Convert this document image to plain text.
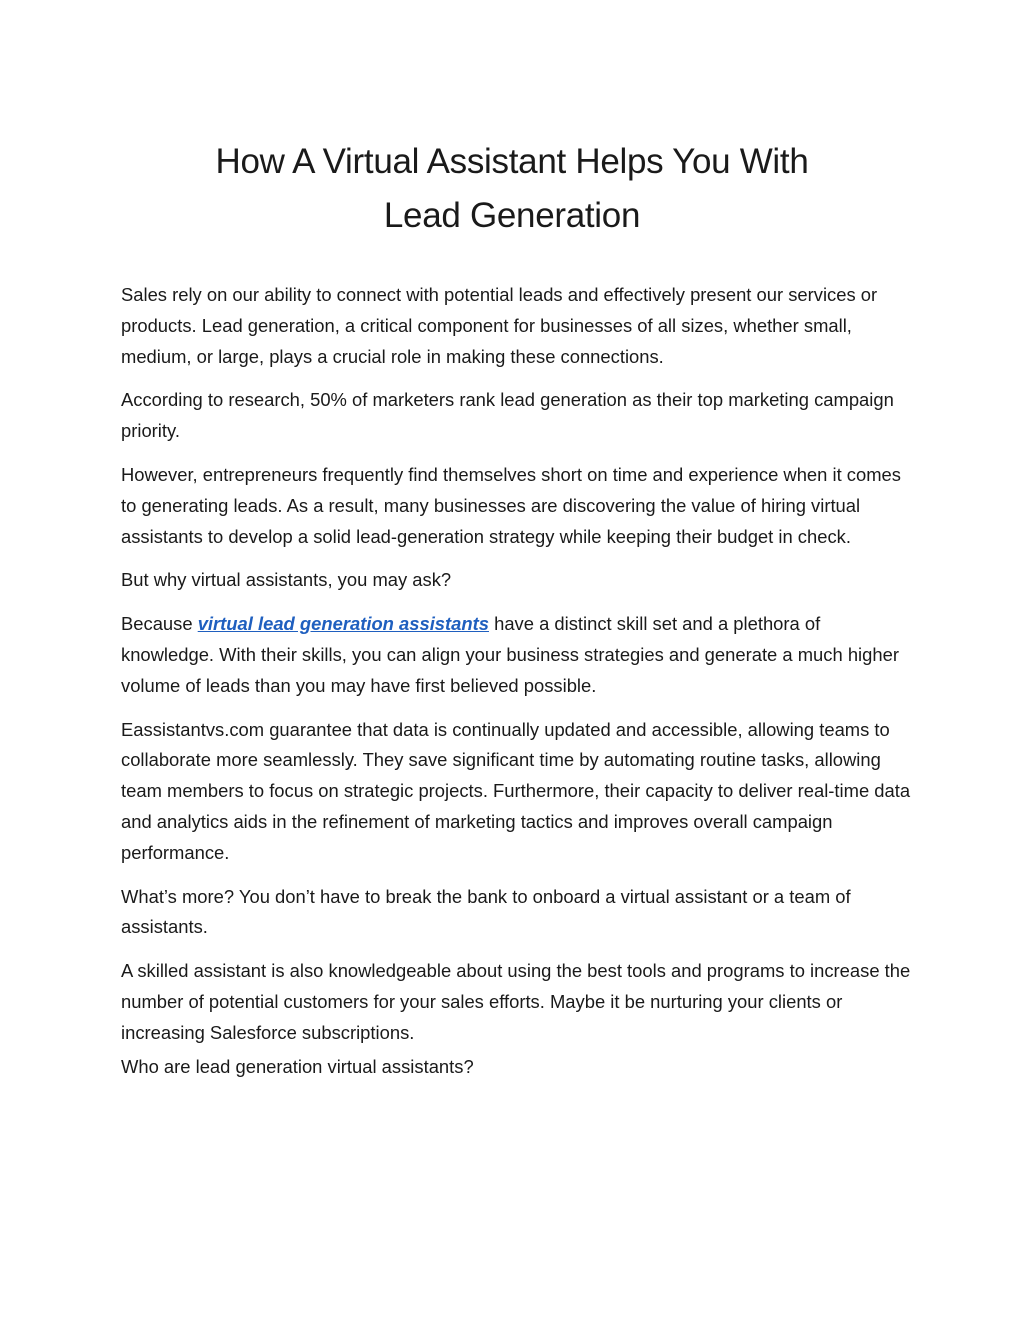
How A Virtual Assistant Helps You With
Lead Generation

Sales rely on our ability to connect with potential leads and effectively present our services or products. Lead generation, a critical component for businesses of all sizes, whether small, medium, or large, plays a crucial role in making these connections.

According to research, 50% of marketers rank lead generation as their top marketing campaign priority.

However, entrepreneurs frequently find themselves short on time and experience when it comes to generating leads. As a result, many businesses are discovering the value of hiring virtual assistants to develop a solid lead-generation strategy while keeping their budget in check.

But why virtual assistants, you may ask?

Because virtual lead generation assistants have a distinct skill set and a plethora of knowledge. With their skills, you can align your business strategies and generate a much higher volume of leads than you may have first believed possible.

Eassistantvs.com guarantee that data is continually updated and accessible, allowing teams to collaborate more seamlessly. They save significant time by automating routine tasks, allowing team members to focus on strategic projects. Furthermore, their capacity to deliver real-time data and analytics aids in the refinement of marketing tactics and improves overall campaign performance.

What’s more? You don’t have to break the bank to onboard a virtual assistant or a team of assistants.

A skilled assistant is also knowledgeable about using the best tools and programs to increase the number of potential customers for your sales efforts. Maybe it be nurturing your clients or increasing Salesforce subscriptions.

Who are lead generation virtual assistants?
